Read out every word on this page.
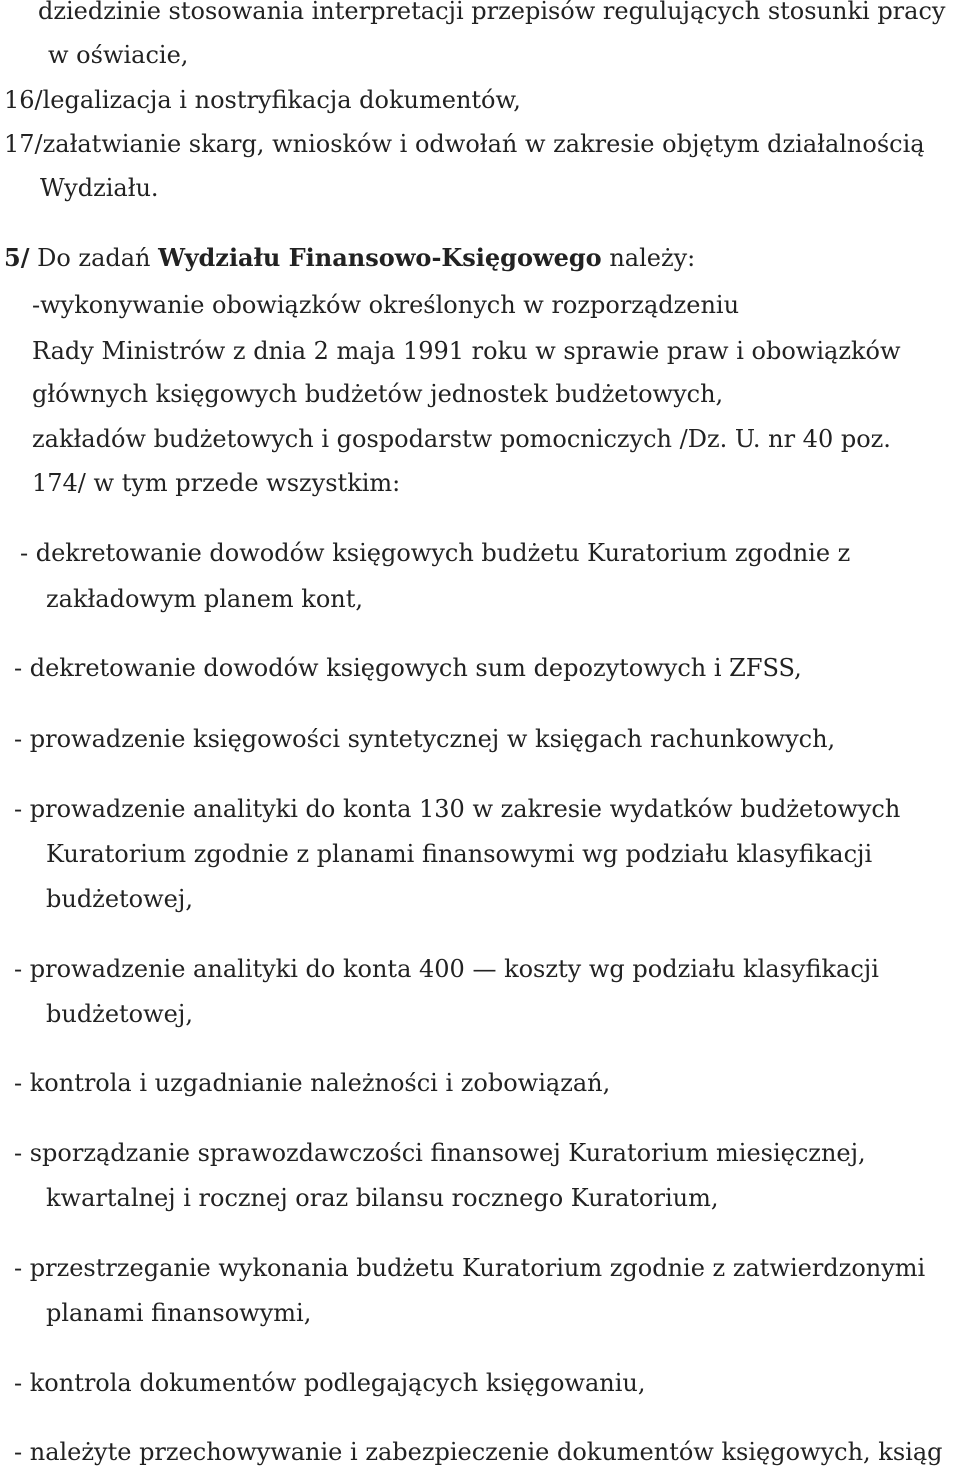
dziedzinie stosowania interpretacji przepisów regulujących stosunki pracy

w oświacie,

16/legalizacja i nostryfikacja dokumentów,

17/załatwianie skarg, wniosków i odwołań w zakresie objętym działalnością

Wydziału.

5/ Do zadań Wydziału Finansowo-Księgowego należy:

-wykonywanie obowiązków określonych w rozporządzeniu

Rady Ministrów z dnia 2 maja 1991 roku w sprawie praw i obowiązków

głównych księgowych budżetów jednostek budżetowych,

zakładów budżetowych i gospodarstw pomocniczych /Dz. U. nr 40 poz.

174/ w tym przede wszystkim:

- dekretowanie dowodów księgowych budżetu Kuratorium zgodnie z

zakładowym planem kont,

- dekretowanie dowodów księgowych sum depozytowych i ZFSS,

- prowadzenie księgowości syntetycznej w księgach rachunkowych,

- prowadzenie analityki do konta 130 w zakresie wydatków budżetowych

Kuratorium zgodnie z planami finansowymi wg podziału klasyfikacji

budżetowej,

- prowadzenie analityki do konta 400 — koszty wg podziału klasyfikacji

budżetowej,

- kontrola i uzgadnianie należności i zobowiązań,

- sporządzanie sprawozdawczości finansowej Kuratorium miesięcznej,

kwartalnej i rocznej oraz bilansu rocznego Kuratorium,

- przestrzeganie wykonania budżetu Kuratorium zgodnie z zatwierdzonymi

planami finansowymi,

- kontrola dokumentów podlegających księgowaniu,

- należyte przechowywanie i zabezpieczenie dokumentów księgowych, ksiąg
